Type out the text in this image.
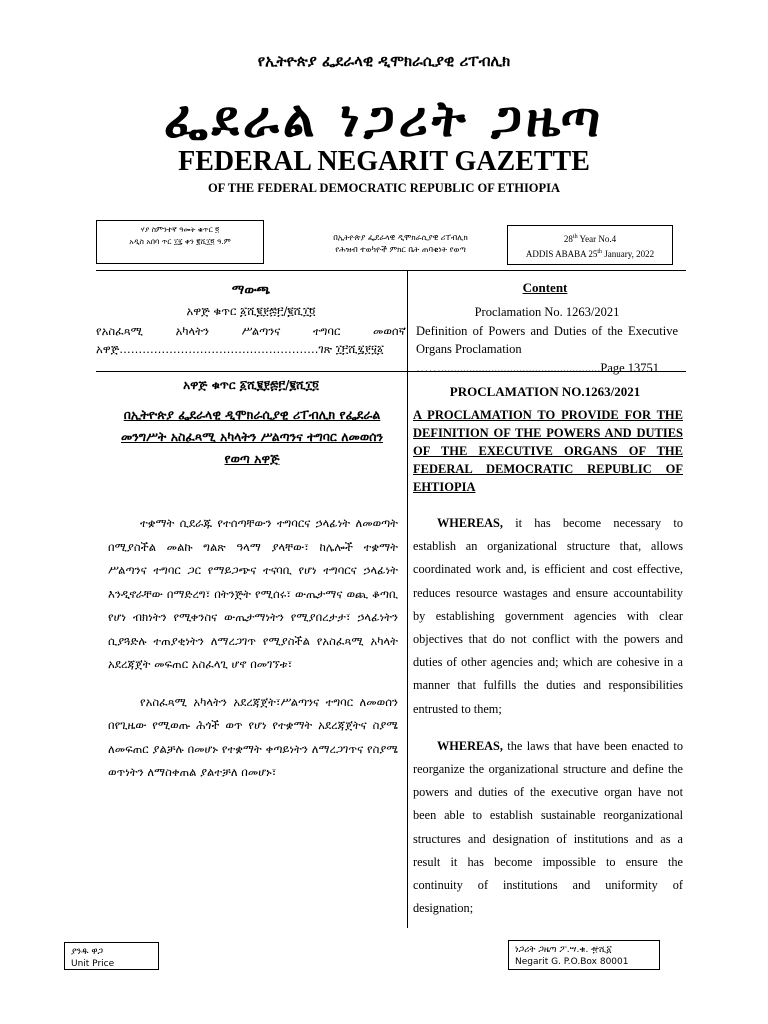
የኢትዮጵያ ፌደራላዊ ዲሞክራሲያዊ ሪፐብሊክ
ፌደራል ነጋሪት ጋዜጣ
FEDERAL NEGARIT GAZETTE
OF THE FEDERAL DEMOCRATIC REPUBLIC OF ETHIOPIA
ሃያ ስምንተኛ ዓመት ቁጥር ፬
አዲስ አበባ ጥር ፲፯ ቀን ፪ሺ፲፬ ዓ.ም	በኢትዮጵያ ፌደራላዊ ዲሞክራሲያዊ ሪፐብሊክ
የሕዝብ ተወካዮች ምክር ቤት ጠባቂነት የወጣ
28th Year No.4
ADDIS ABABA 25th January, 2022
ማውጫ
አዋጅ ቁጥር ፩ሺ፪፻፷፫/፪ሺ፲፬
የአስፈጻሚ አካላትን ሥልጣንና ተግባር መወሰኛ አዋጅ…………………………………………….ገጽ ፲፫ሺ፯፻፶፩
Content
Proclamation No. 1263/2021
Definition of Powers and Duties of the Executive Organs Proclamation
……...................................................Page 13751
አዋጅ ቁጥር ፩ሺ፪፻፷፫/፪ሺ፲፬
በኢትዮጵያ ፌደራላዊ ዲሞክራሲያዊ ሪፐብሊክ የፌደራል መንግሥት አስፈጻሚ አካላትን ሥልጣንና ተግባር ለመወሰን የወጣ አዋጅ
PROCLAMATION NO.1263/2021
A PROCLAMATION TO PROVIDE FOR THE DEFINITION OF THE POWERS AND DUTIES OF THE EXECUTIVE ORGANS OF THE FEDERAL DEMOCRATIC REPUBLIC OF EHTIOPIA

ተቋማት ሲደራጁ የተሰጣቸውን ተግባርና ኃላፊነት ለመወጣት በሚያስችል መልኩ ግልጽ ዓላማ ያላቸው፣ ከሌሎች ተቋማት ሥልጣንና ተግባር ጋር የማይጋጭና ተናባቢ የሆነ ተግባርና ኃላፊነት እንዲኖራቸው በማድረግ፣ በትንጅት የሚሰሩ፣ ውጤታማና ወጪ ቆጣቢ የሆነ ብክነትን የሚቀንስና ውጤታማነትን የሚያበረታታ፣ ኃላፊነትን ሲያጓድሉ ተጠያቂነትን ለማረጋገጥ የሚያስችል የአስፈጻሚ አካላት አደረጃጀት መፍጠር አስፈላጊ ሆኖ በመገኘቱ፣

የአስፈጻሚ አካላትን አደረጃጀት፣ሥልጣንና ተግባር ለመወሰን በየጊዜው የሚወጡ ሕጎች ወጥ የሆነ የተቋማት አደረጃጀትና ስያሜ ለመፍጠር ያልቻሉ በመሆኑ የተቋማት ቀጣይነትን ለማረጋገጥና የስያሜ ወጥነትን ለማስቀጠል ያልተቻለ በመሆኑ፣

WHEREAS, it has become necessary to establish an organizational structure that, allows coordinated work and, is efficient and cost effective, reduces resource wastages and ensure accountability by establishing government agencies with clear objectives that do not conflict with the powers and duties of other agencies and; which are cohesive in a manner that fulfills the duties and responsibilities entrusted to them;

WHEREAS, the laws that have been enacted to reorganize the organizational structure and define the powers and duties of the executive organ have not been able to establish sustainable reorganizational structures and designation of institutions and as a result it has become impossible to ensure the continuity of institutions and uniformity of designation;

ያንዱ ዋጋ
Unit Price
ነጋሪት ጋዜጣ ፖ.ሣ.ቁ. ፹ሺ፩
Negarit G. P.O.Box 80001
